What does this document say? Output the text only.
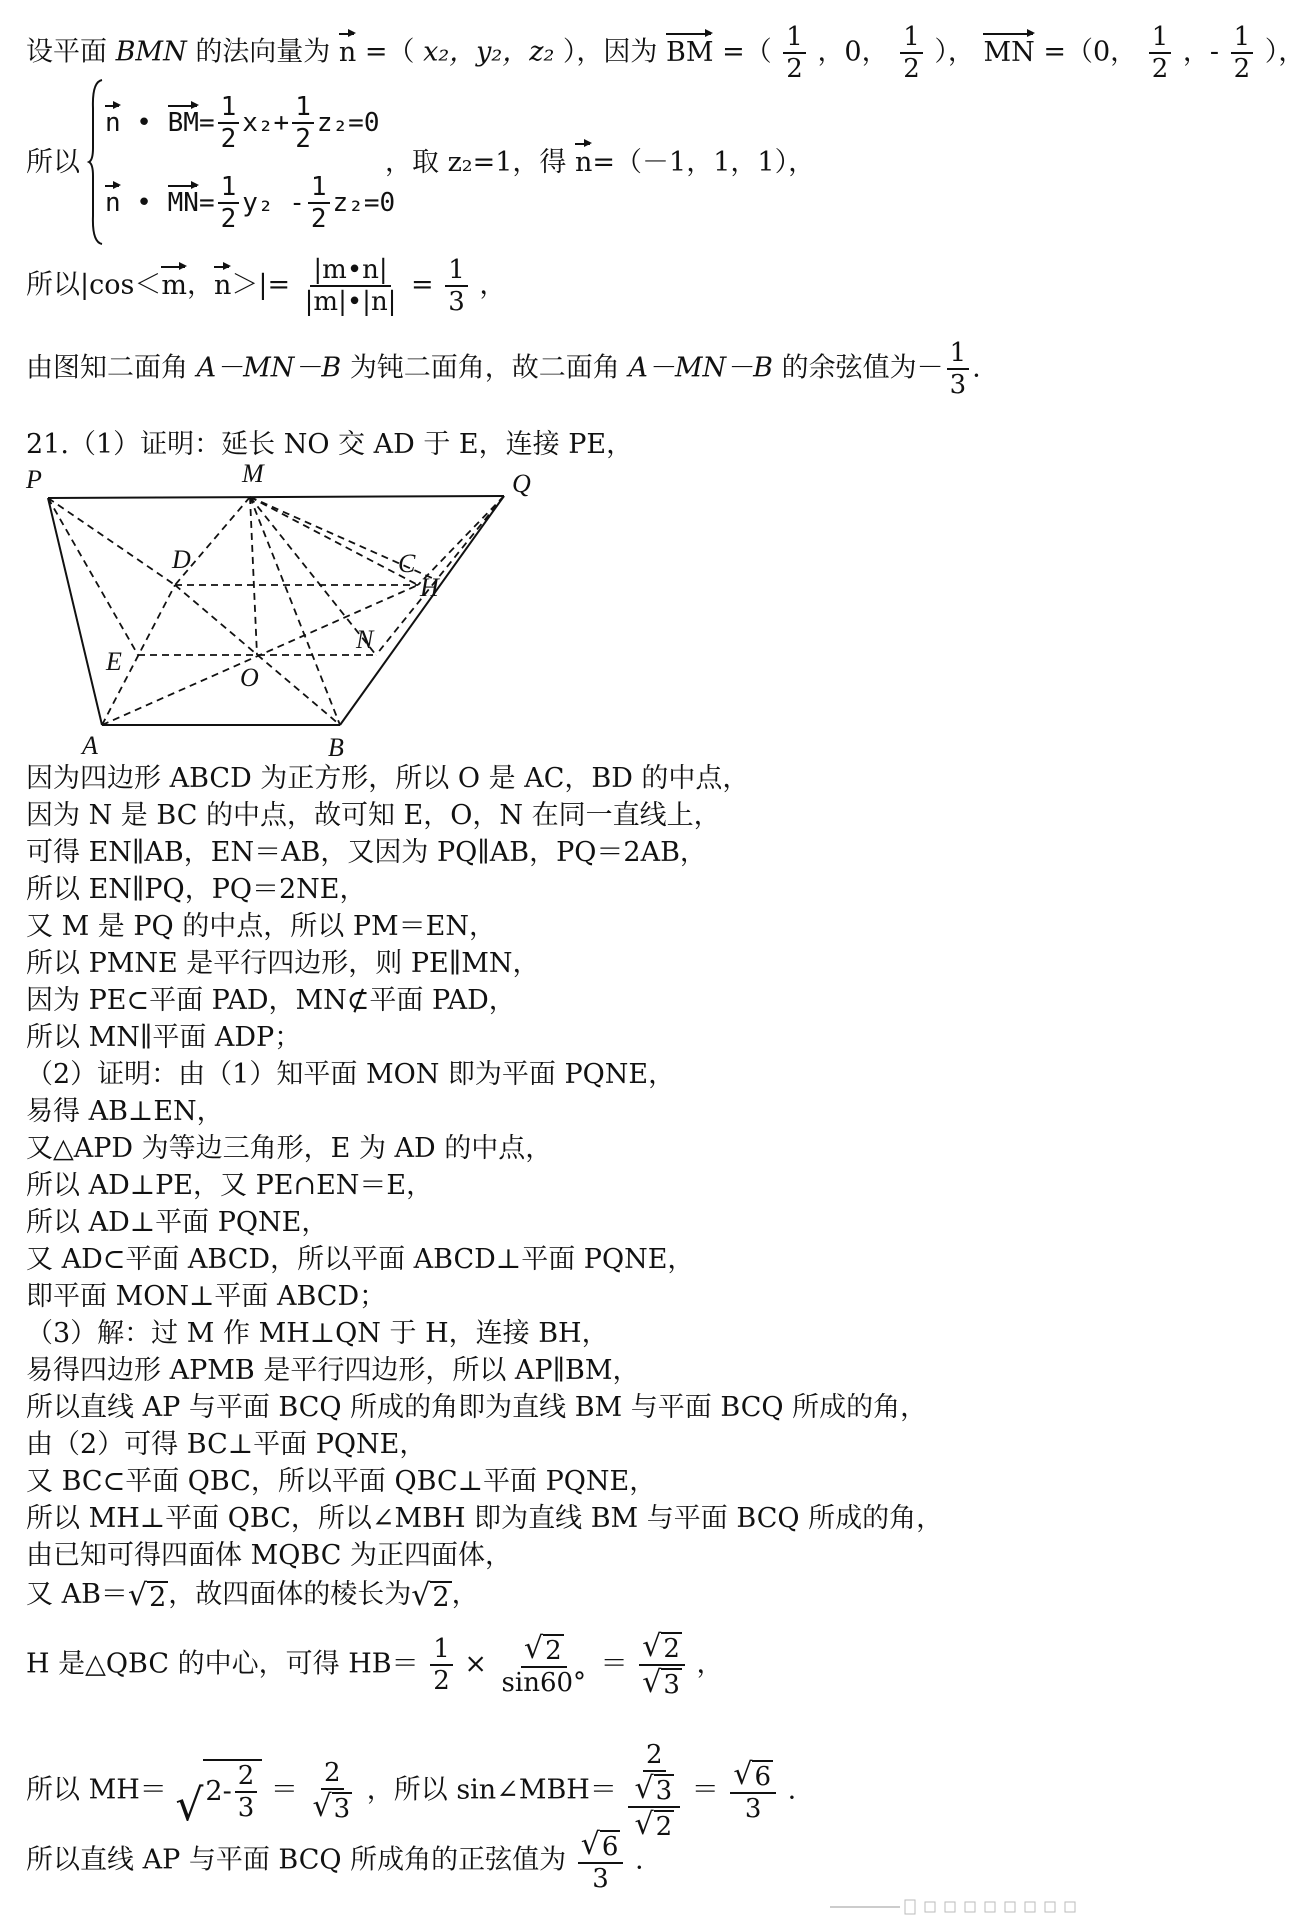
设平面 BMN 的法向量为 n =（ x₂，y₂，z₂ ），因为 BM =（ $\frac{1}{2}$ ，0， $\frac{1}{2}$ ）， MN =（0， $\frac{1}{2}$ ，- $\frac{1}{2}$ ），
所以
n • BM = $\frac{1}{2} x_2+ \frac{1}{2} z_2=0$
n • MN = $\frac{1}{2} y_2 - \frac{1}{2} z_2=0$
，取 z₂=1，得 n=（－1，1，1），
所以|cos＜m，$n>|= \frac{|m•n|}{|m|•|n|} = \frac{1}{3}$ ，
由图知二面角 A－MN－B 为钝二面角，故二面角 A－MN－B 的余弦值为－ $\frac{1}{3}$ .
21.（1）证明：延长 NO 交 AD 于 E，连接 PE，
P	M	Q
D	C
H
E
N
O
A	B
因为四边形 ABCD 为正方形，所以 O 是 AC，BD 的中点，
因为 N 是 BC 的中点，故可知 E，O，N 在同一直线上，
可得 EN∥AB，EN＝AB，又因为 PQ∥AB，PQ＝2AB，
所以 EN∥PQ，PQ＝2NE，
又 M 是 PQ 的中点，所以 PM＝EN，
所以 PMNE 是平行四边形，则 PE∥MN，
因为 PE⊂平面 PAD，MN⊄平面 PAD，
所以 MN∥平面 ADP；
（2）证明：由（1）知平面 MON 即为平面 PQNE，
易得 AB⊥EN，
又△APD 为等边三角形，E 为 AD 的中点，
所以 AD⊥PE，又 PE∩EN＝E，
所以 AD⊥平面 PQNE，
又 AD⊂平面 ABCD，所以平面 ABCD⊥平面 PQNE，
即平面 MON⊥平面 ABCD；
（3）解：过 M 作 MH⊥QN 于 H，连接 BH，
易得四边形 APMB 是平行四边形，所以 AP∥BM，
所以直线 AP 与平面 BCQ 所成的角即为直线 BM 与平面 BCQ 所成的角，
由（2）可得 BC⊥平面 PQNE，
又 BC⊂平面 QBC，所以平面 QBC⊥平面 PQNE，
所以 MH⊥平面 QBC，所以∠MBH 即为直线 BM 与平面 BCQ 所成的角，
由已知可得四面体 MQBC 为正四面体，
又 AB＝ √ 2 ，故四面体的棱长为 √ 2 ，
H 是△QBC 的中心，可得 $HB= \frac{1}{2} \times \frac{√ 2}{\sin 60^\circ} = \frac{√ 2}{√ 3}$ ，
所以 MH＝ √ $2- \frac{2}{3} = \frac{2}{√ 3}$ ，所以 sin∠MBH＝ $\frac{\frac{2}{√ 3}}{√ 2} = \frac{√ 6}{3}$ .
所以直线 AP 与平面 BCQ 所成角的正弦值为 $\frac{√ 6}{3}$ .
